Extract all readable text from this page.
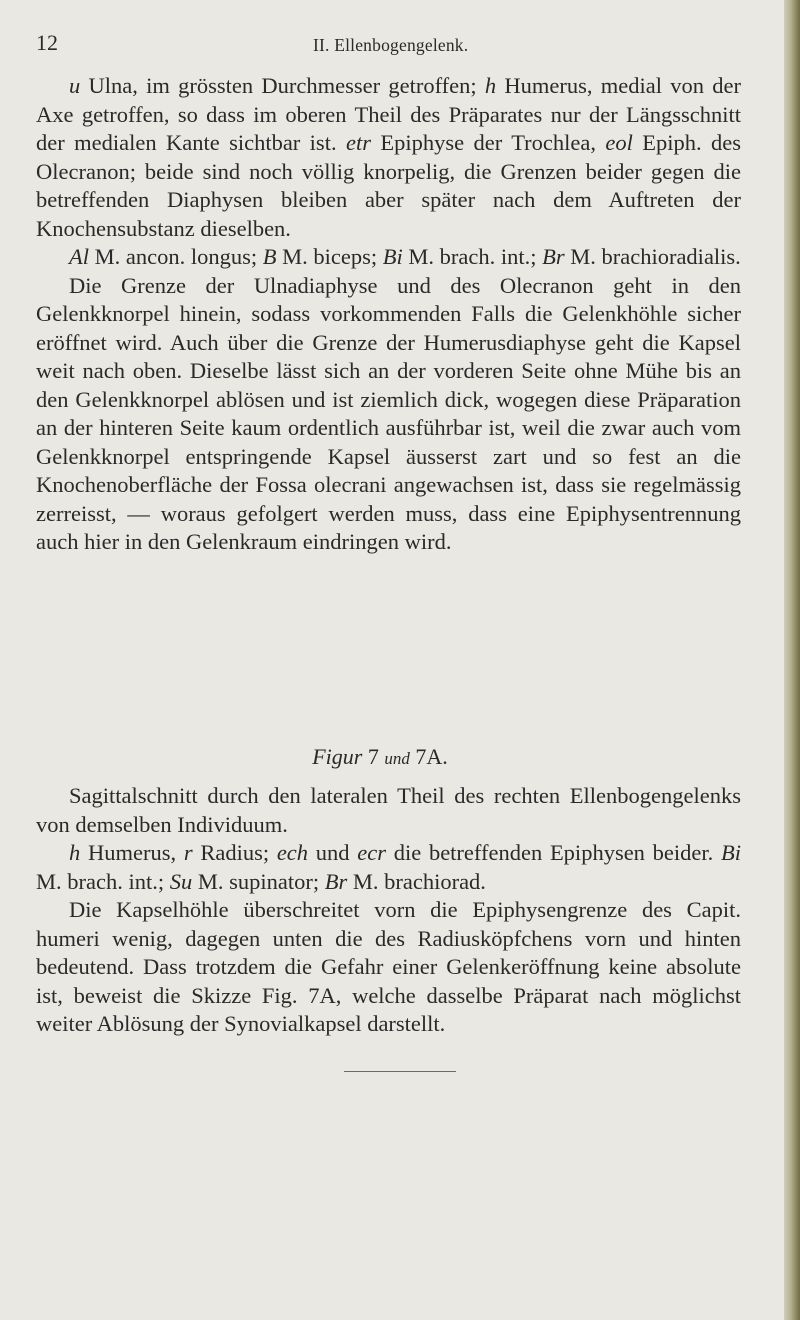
12	II. Ellenbogengelenk.

u Ulna, im grössten Durchmesser getroffen; h Humerus, medial von der Axe getroffen, so dass im oberen Theil des Präparates nur der Längsschnitt der medialen Kante sichtbar ist. etr Epiphyse der Trochlea, eol Epiph. des Olecranon; beide sind noch völlig knorpelig, die Grenzen beider gegen die betreffenden Diaphysen bleiben aber später nach dem Auftreten der Knochensubstanz dieselben.

Al M. ancon. longus; B M. biceps; Bi M. brach. int.; Br M. brachioradialis.

Die Grenze der Ulnadiaphyse und des Olecranon geht in den Gelenkknorpel hinein, sodass vorkommenden Falls die Gelenkhöhle sicher eröffnet wird. Auch über die Grenze der Humerusdiaphyse geht die Kapsel weit nach oben. Dieselbe lässt sich an der vorderen Seite ohne Mühe bis an den Gelenkknorpel ablösen und ist ziemlich dick, wogegen diese Präparation an der hinteren Seite kaum ordentlich ausführbar ist, weil die zwar auch vom Gelenkknorpel entspringende Kapsel äusserst zart und so fest an die Knochenoberfläche der Fossa olecrani angewachsen ist, dass sie regelmässig zerreisst, — woraus gefolgert werden muss, dass eine Epiphysentrennung auch hier in den Gelenkraum eindringen wird.

Figur 7 und 7A.

Sagittalschnitt durch den lateralen Theil des rechten Ellenbogengelenks von demselben Individuum.

h Humerus, r Radius; ech und ecr die betreffenden Epiphysen beider. Bi M. brach. int.; Su M. supinator; Br M. brachiorad.

Die Kapselhöhle überschreitet vorn die Epiphysengrenze des Capit. humeri wenig, dagegen unten die des Radiusköpfchens vorn und hinten bedeutend. Dass trotzdem die Gefahr einer Gelenkeröffnung keine absolute ist, beweist die Skizze Fig. 7A, welche dasselbe Präparat nach möglichst weiter Ablösung der Synovialkapsel darstellt.
